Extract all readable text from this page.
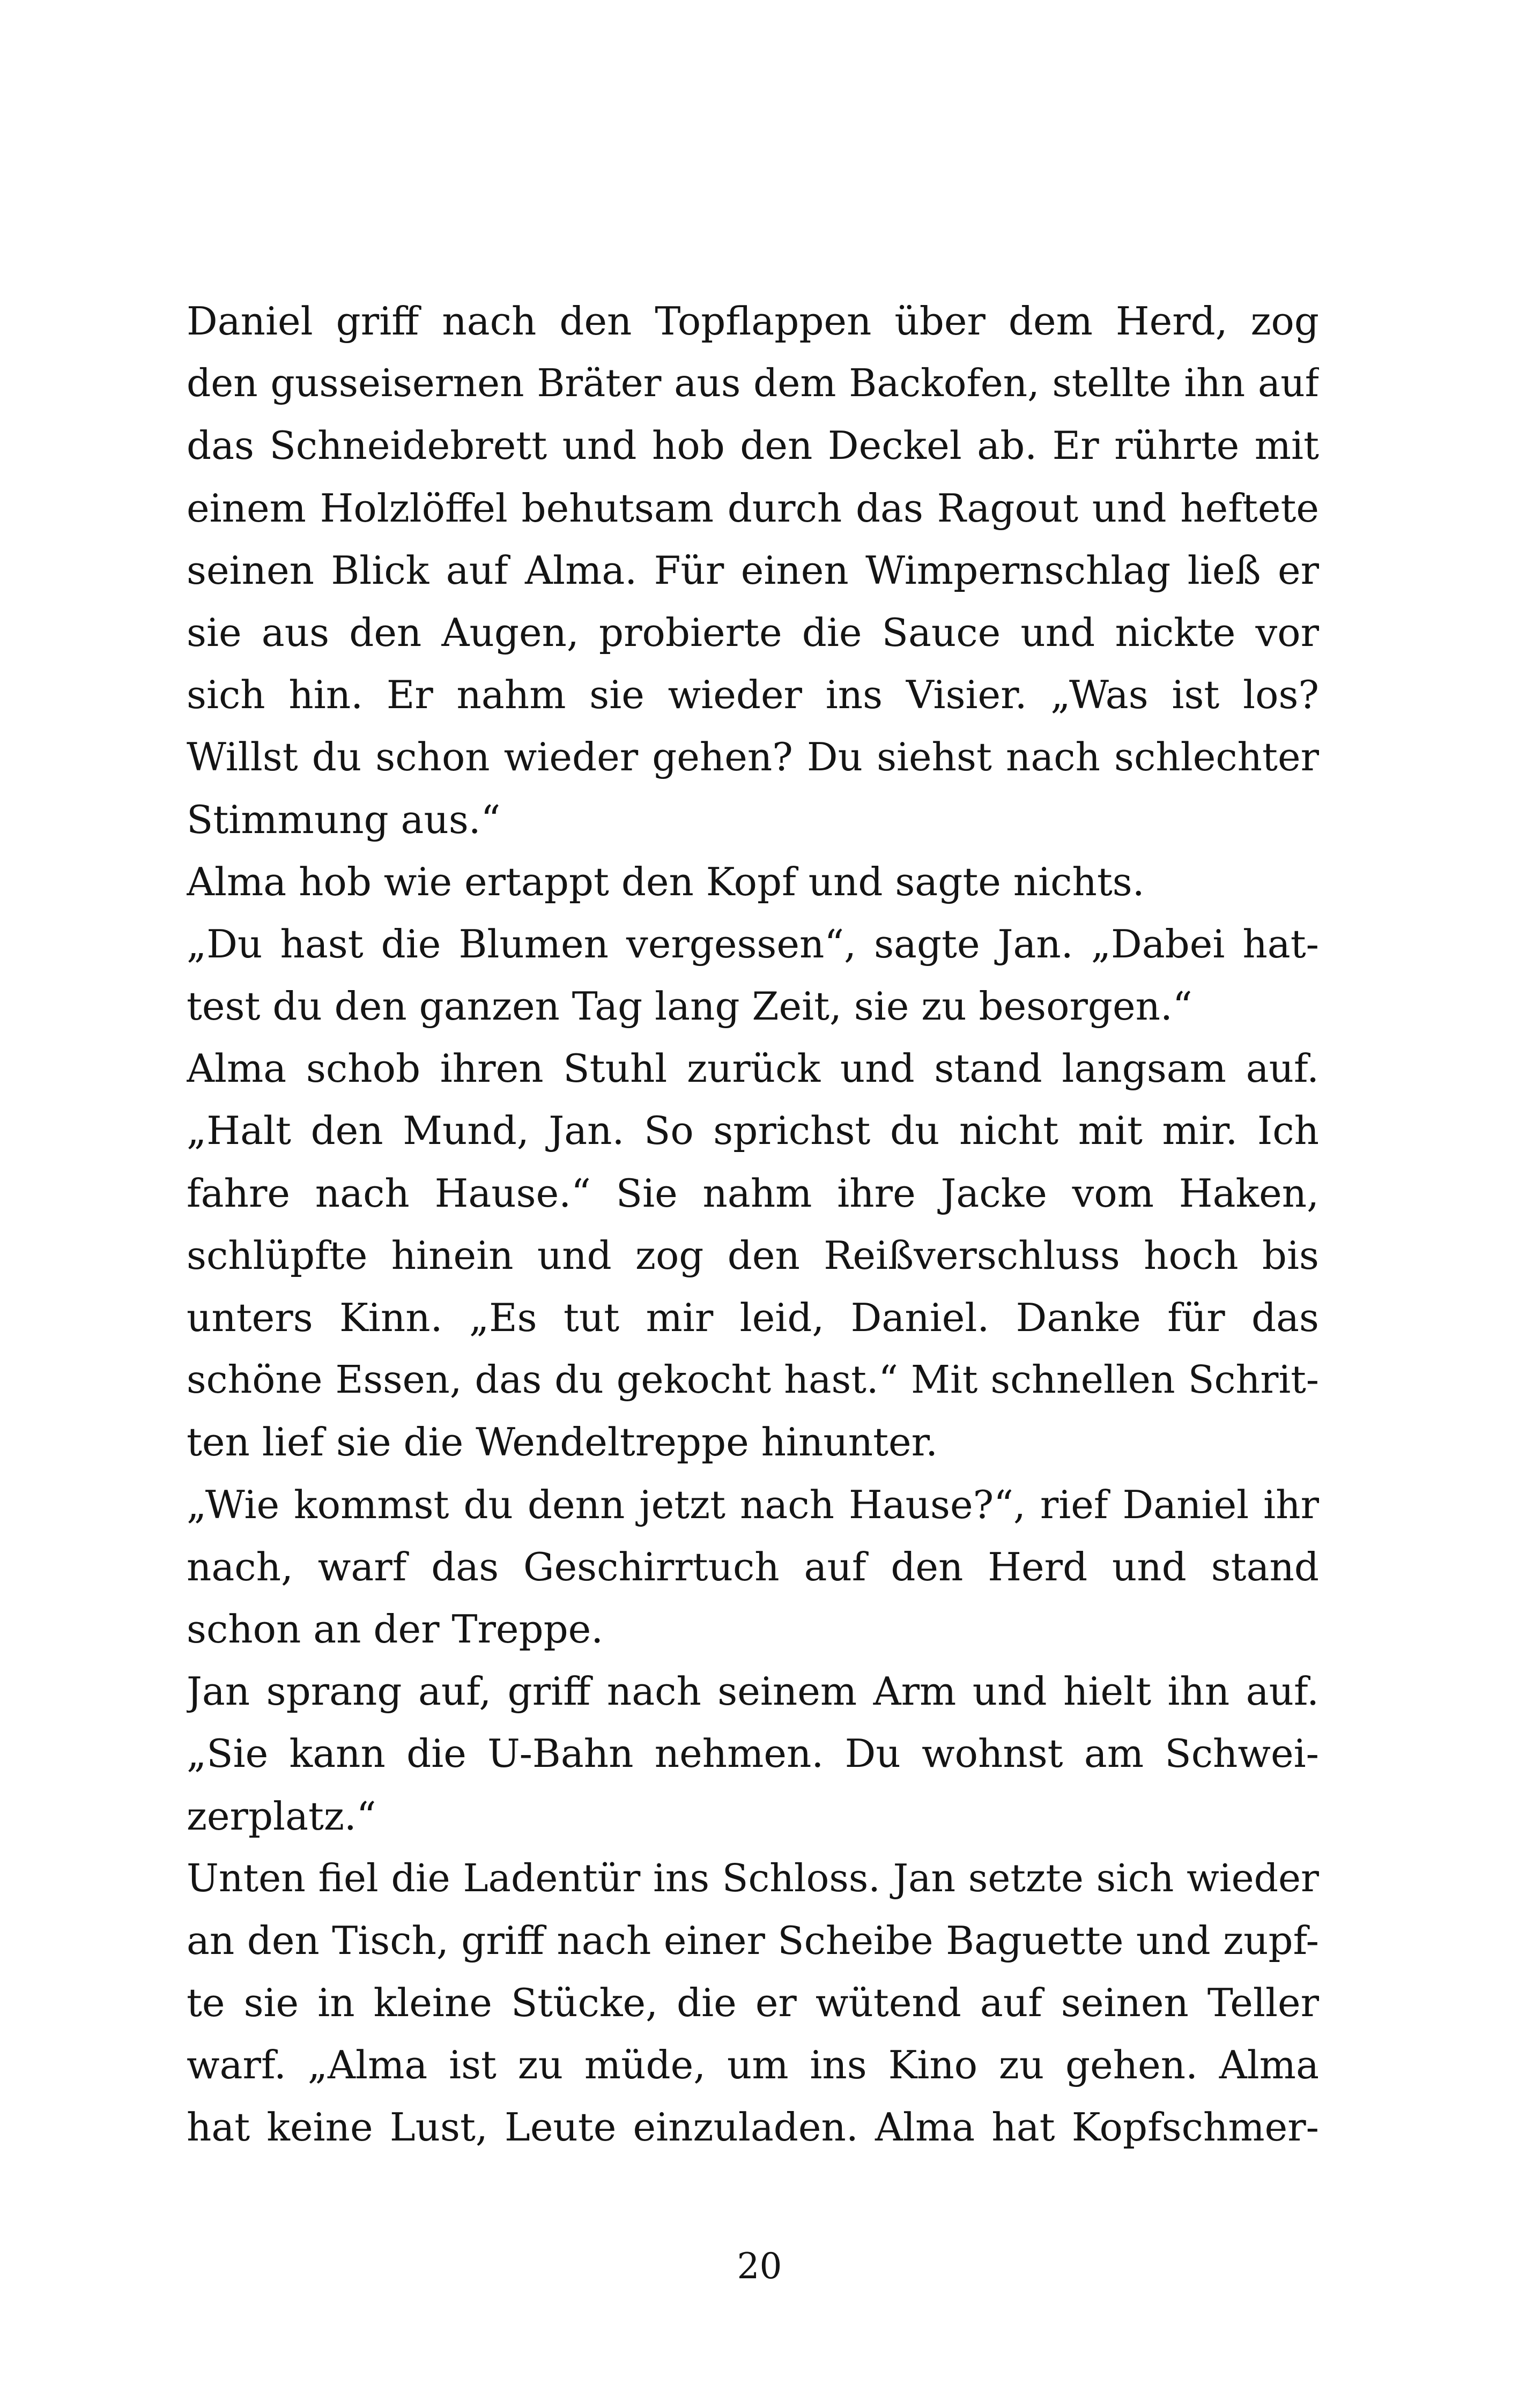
Daniel griff nach den Topflappen über dem Herd, zog
den gusseisernen Bräter aus dem Backofen, stellte ihn auf
das Schneidebrett und hob den Deckel ab. Er rührte mit
einem Holzlöffel behutsam durch das Ragout und heftete
seinen Blick auf Alma. Für einen Wimpernschlag ließ er
sie aus den Augen, probierte die Sauce und nickte vor
sich hin. Er nahm sie wieder ins Visier. „Was ist los?
Willst du schon wieder gehen? Du siehst nach schlechter
Stimmung aus.“
Alma hob wie ertappt den Kopf und sagte nichts.
„Du hast die Blumen vergessen“, sagte Jan. „Dabei hat-
test du den ganzen Tag lang Zeit, sie zu besorgen.“
Alma schob ihren Stuhl zurück und stand langsam auf.
„Halt den Mund, Jan. So sprichst du nicht mit mir. Ich
fahre nach Hause.“ Sie nahm ihre Jacke vom Haken,
schlüpfte hinein und zog den Reißverschluss hoch bis
unters Kinn. „Es tut mir leid, Daniel. Danke für das
schöne Essen, das du gekocht hast.“ Mit schnellen Schrit-
ten lief sie die Wendeltreppe hinunter.
„Wie kommst du denn jetzt nach Hause?“, rief Daniel ihr
nach, warf das Geschirrtuch auf den Herd und stand
schon an der Treppe.
Jan sprang auf, griff nach seinem Arm und hielt ihn auf.
„Sie kann die U-Bahn nehmen. Du wohnst am Schwei-
zerplatz.“
Unten fiel die Ladentür ins Schloss. Jan setzte sich wieder
an den Tisch, griff nach einer Scheibe Baguette und zupf-
te sie in kleine Stücke, die er wütend auf seinen Teller
warf. „Alma ist zu müde, um ins Kino zu gehen. Alma
hat keine Lust, Leute einzuladen. Alma hat Kopfschmer-
20
